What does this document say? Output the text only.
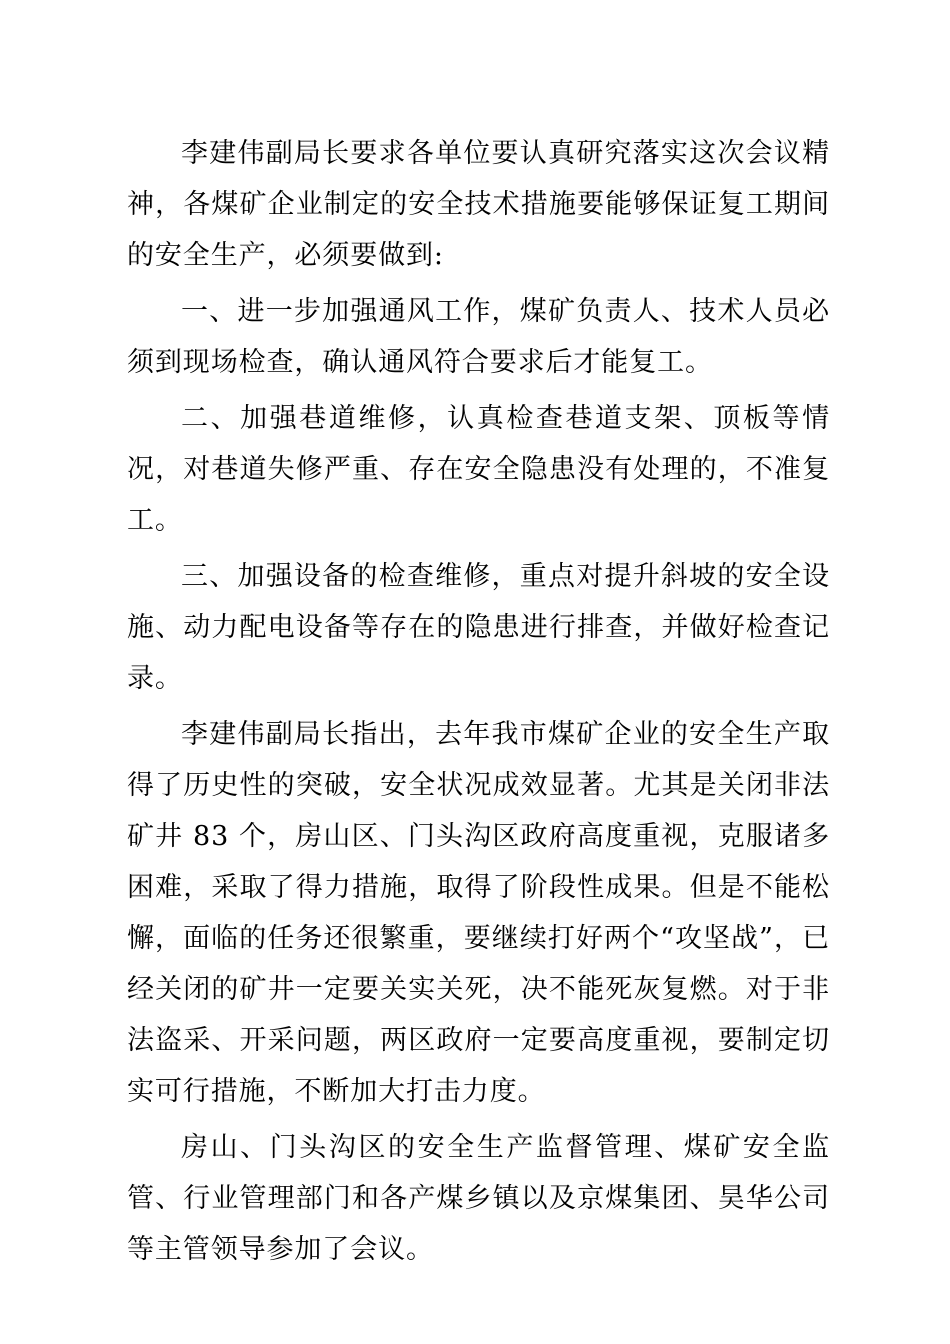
李建伟副局长要求各单位要认真研究落实这次会议精神，各煤矿企业制定的安全技术措施要能够保证复工期间的安全生产，必须要做到:

一、进一步加强通风工作，煤矿负责人、技术人员必须到现场检查，确认通风符合要求后才能复工。

二、加强巷道维修，认真检查巷道支架、顶板等情况，对巷道失修严重、存在安全隐患没有处理的，不准复工。

三、加强设备的检查维修，重点对提升斜坡的安全设施、动力配电设备等存在的隐患进行排查，并做好检查记录。

李建伟副局长指出，去年我市煤矿企业的安全生产取得了历史性的突破，安全状况成效显著。尤其是关闭非法矿井 83 个，房山区、门头沟区政府高度重视，克服诸多困难，采取了得力措施，取得了阶段性成果。但是不能松懈，面临的任务还很繁重，要继续打好两个“攻坚战”，已经关闭的矿井一定要关实关死，决不能死灰复燃。对于非法盗采、开采问题，两区政府一定要高度重视，要制定切实可行措施，不断加大打击力度。

房山、门头沟区的安全生产监督管理、煤矿安全监管、行业管理部门和各产煤乡镇以及京煤集团、昊华公司等主管领导参加了会议。
